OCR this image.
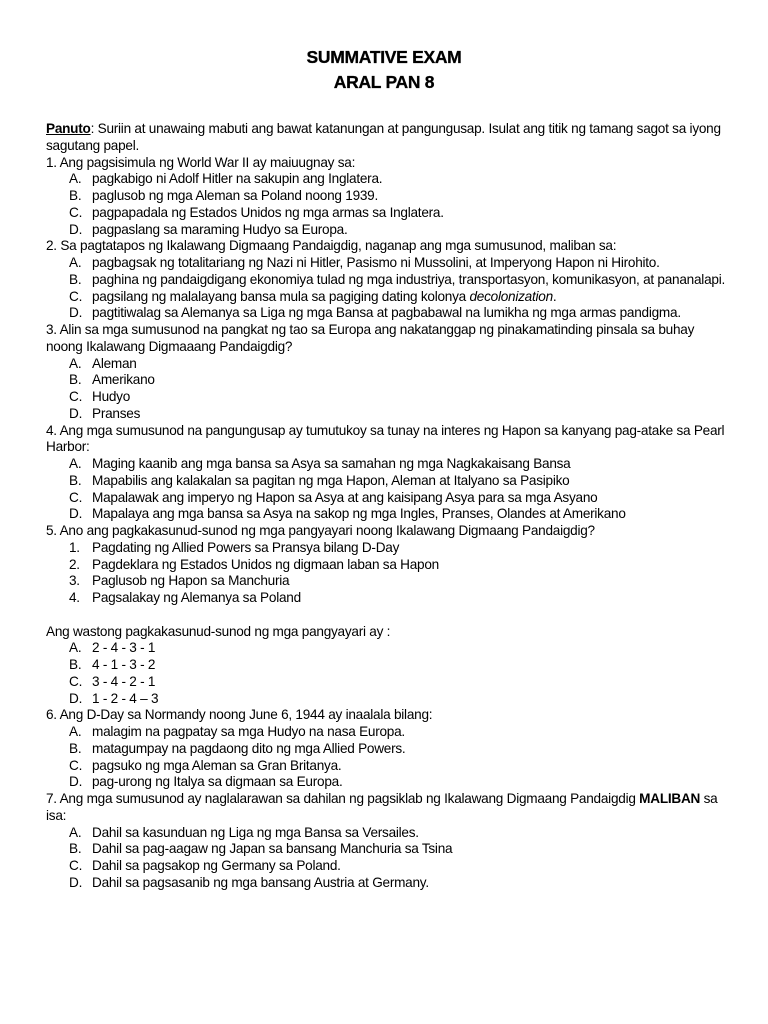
SUMMATIVE EXAM
ARAL PAN 8

Panuto: Suriin at unawaing mabuti ang bawat katanungan at pangungusap. Isulat ang titik ng tamang sagot sa iyong sagutang papel.

1. Ang pagsisimula ng World War II ay maiuugnay sa:
A. pagkabigo ni Adolf Hitler na sakupin ang Inglatera.
B. paglusob ng mga Aleman sa Poland noong 1939.
C. pagpapadala ng Estados Unidos ng mga armas sa Inglatera.
D. pagpaslang sa maraming Hudyo sa Europa.
2. Sa pagtatapos ng Ikalawang Digmaang Pandaigdig, naganap ang mga sumusunod, maliban sa:
A. pagbagsak ng totalitariang ng Nazi ni Hitler, Pasismo ni Mussolini, at Imperyong Hapon ni Hirohito.
B. paghina ng pandaigdigang ekonomiya tulad ng mga industriya, transportasyon, komunikasyon, at pananalapi.
C. pagsilang ng malalayang bansa mula sa pagiging dating kolonya decolonization.
D. pagtitiwalag sa Alemanya sa Liga ng mga Bansa at pagbabawal na lumikha ng mga armas pandigma.
3. Alin sa mga sumusunod na pangkat ng tao sa Europa ang nakatanggap ng pinakamatinding pinsala sa buhay noong Ikalawang Digmaaang Pandaigdig?
A. Aleman
B. Amerikano
C. Hudyo
D. Pranses
4. Ang mga sumusunod na pangungusap ay tumutukoy sa tunay na interes ng Hapon sa kanyang pag-atake sa Pearl Harbor:
A. Maging kaanib ang mga bansa sa Asya sa samahan ng mga Nagkakaisang Bansa
B. Mapabilis ang kalakalan sa pagitan ng mga Hapon, Aleman at Italyano sa Pasipiko
C. Mapalawak ang imperyo ng Hapon sa Asya at ang kaisipang Asya para sa mga Asyano
D. Mapalaya ang mga bansa sa Asya na sakop ng mga Ingles, Pranses, Olandes at Amerikano
5. Ano ang pagkakasunud-sunod ng mga pangyayari noong Ikalawang Digmaang Pandaigdig?
1. Pagdating ng Allied Powers sa Pransya bilang D-Day
2. Pagdeklara ng Estados Unidos ng digmaan laban sa Hapon
3. Paglusob ng Hapon sa Manchuria
4. Pagsalakay ng Alemanya sa Poland
Ang wastong pagkakasunud-sunod ng mga pangyayari ay :
A. 2 - 4 - 3 - 1
B. 4 - 1 - 3 - 2
C. 3 - 4 - 2 - 1
D. 1 - 2 - 4 – 3
6. Ang D-Day sa Normandy noong June 6, 1944 ay inaalala bilang:
A. malagim na pagpatay sa mga Hudyo na nasa Europa.
B. matagumpay na pagdaong dito ng mga Allied Powers.
C. pagsuko ng mga Aleman sa Gran Britanya.
D. pag-urong ng Italya sa digmaan sa Europa.
7. Ang mga sumusunod ay naglalarawan sa dahilan ng pagsiklab ng Ikalawang Digmaang Pandaigdig MALIBAN sa isa:
A. Dahil sa kasunduan ng Liga ng mga Bansa sa Versailes.
B. Dahil sa pag-aagaw ng Japan sa bansang Manchuria sa Tsina
C. Dahil sa pagsakop ng Germany sa Poland.
D. Dahil sa pagsasanib ng mga bansang Austria at Germany.
